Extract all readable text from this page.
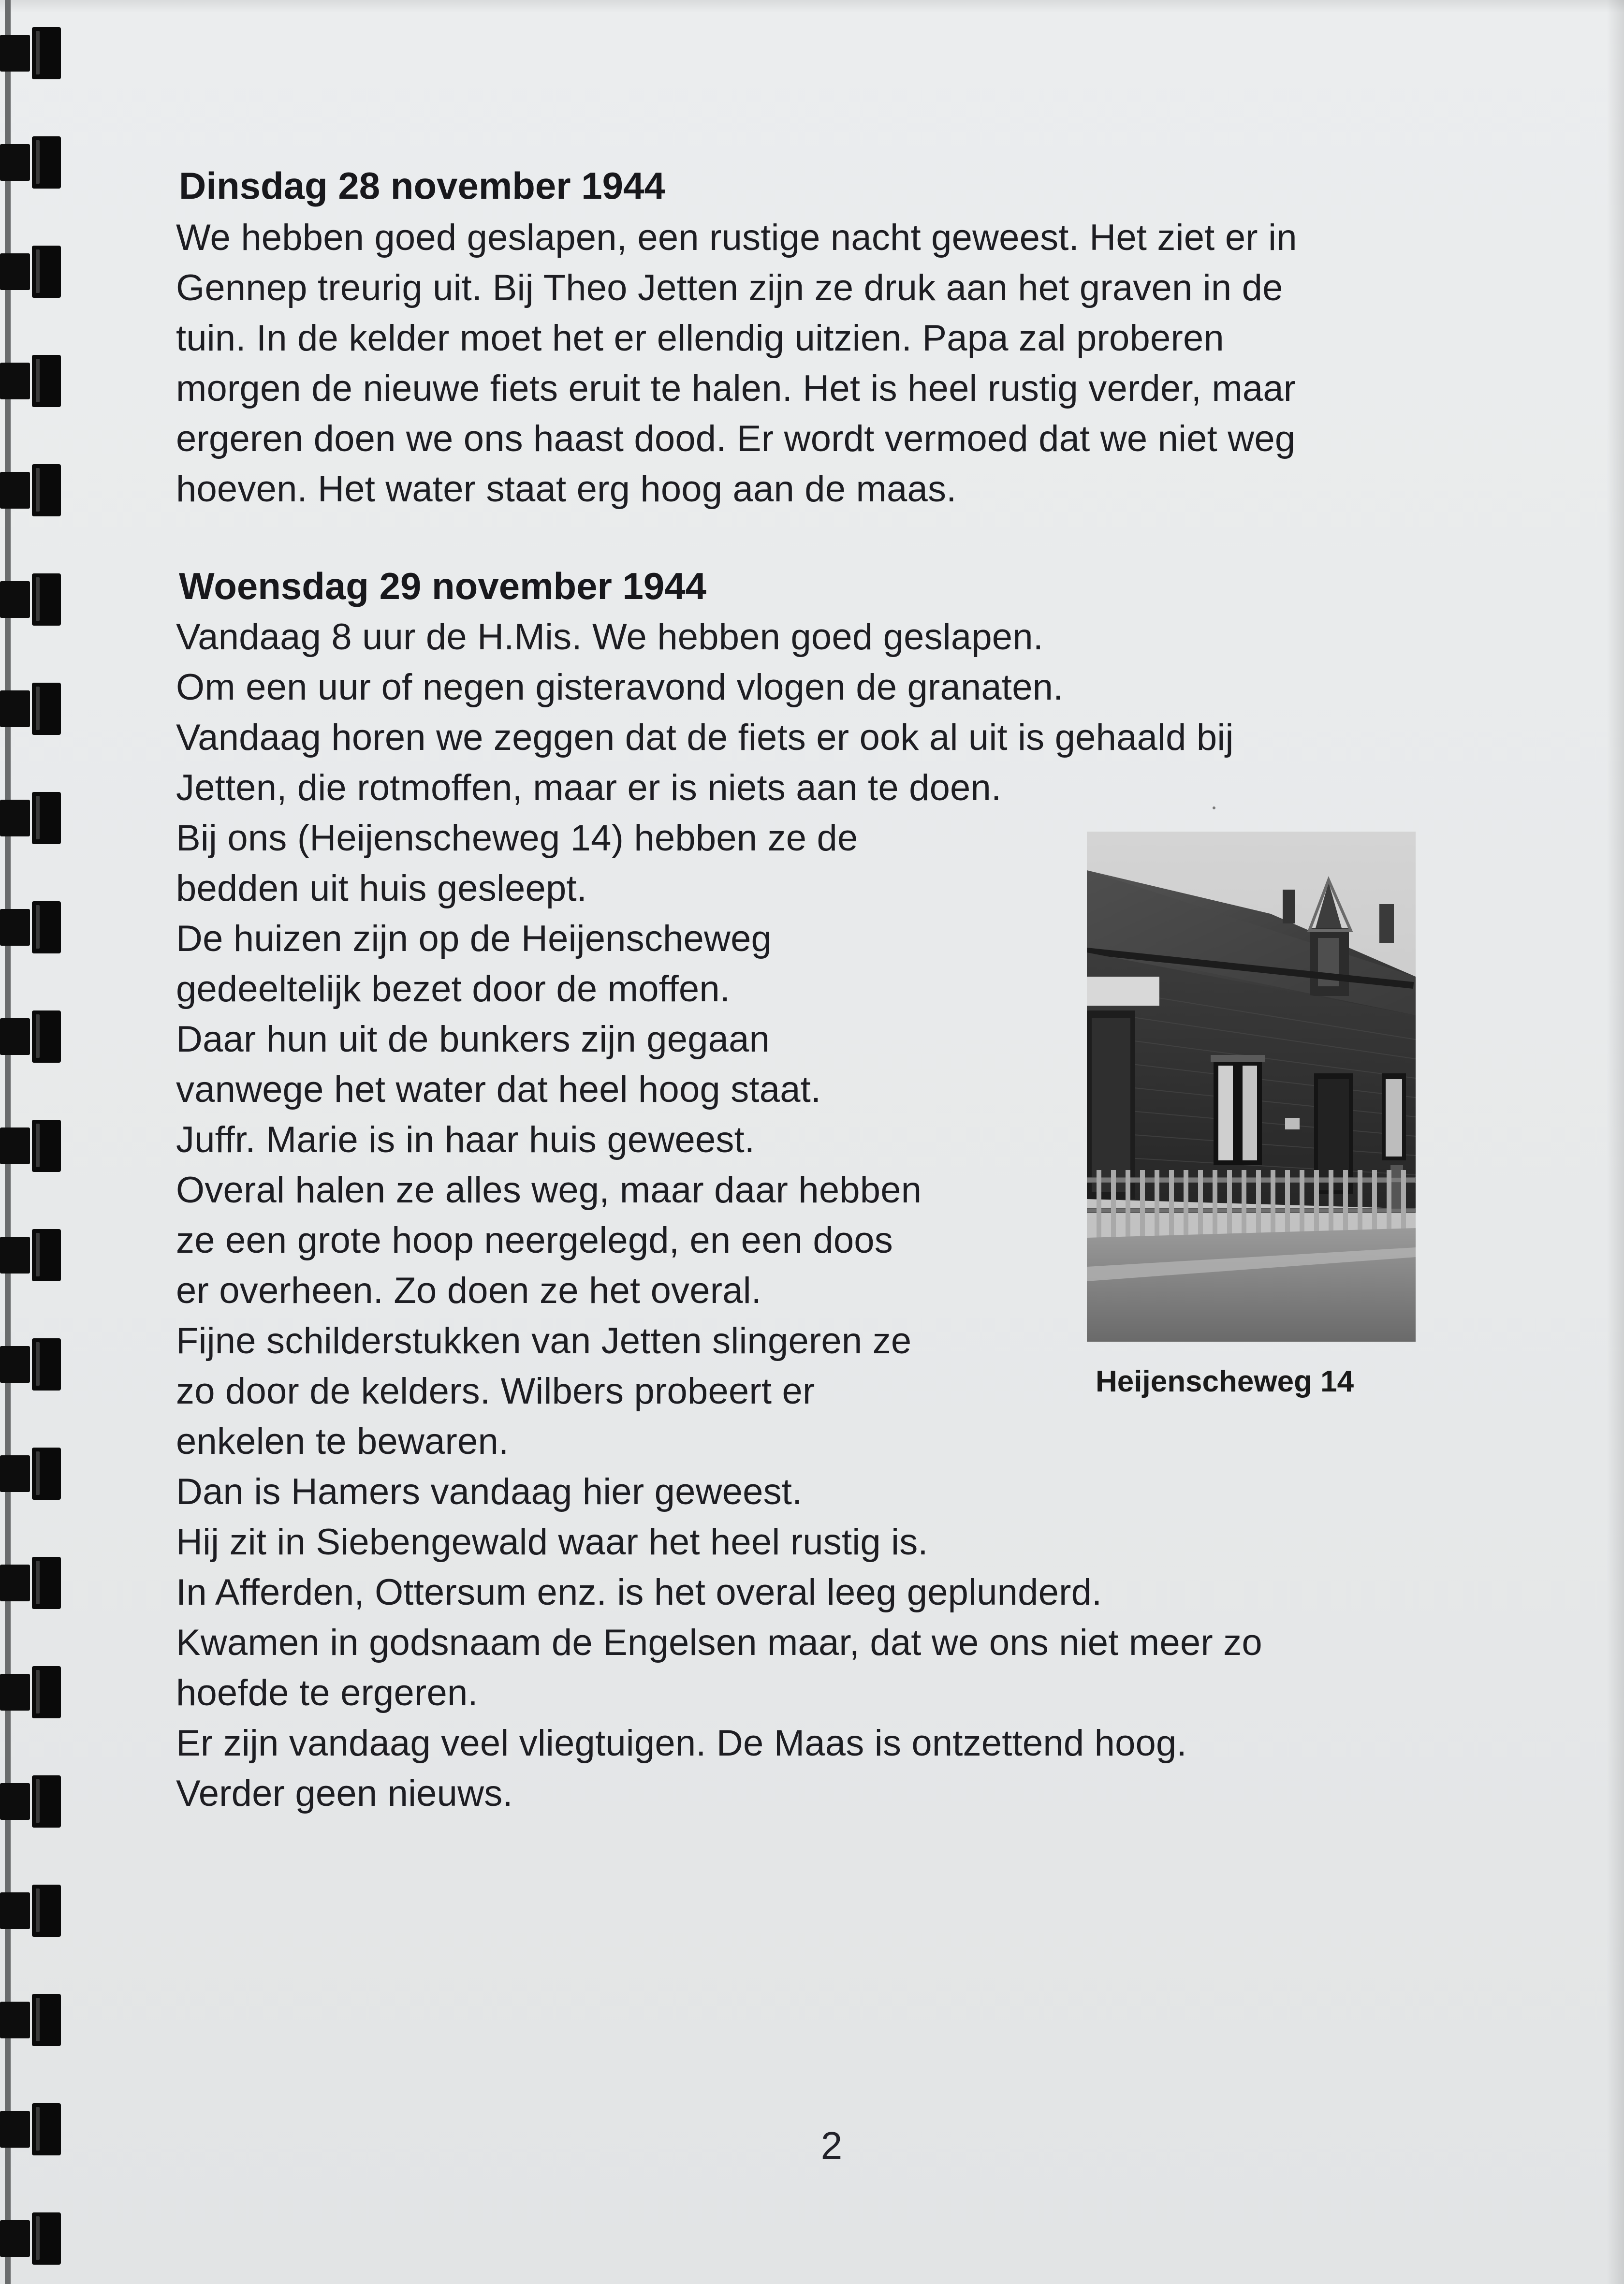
Dinsdag 28 november 1944

We hebben goed geslapen, een rustige nacht geweest. Het ziet er in

Gennep treurig uit. Bij Theo Jetten zijn ze druk aan het graven in de

tuin. In de kelder moet het er ellendig uitzien. Papa zal proberen

morgen de nieuwe fiets eruit te halen. Het is heel rustig verder, maar

ergeren doen we ons haast dood. Er wordt vermoed dat we niet weg

hoeven. Het water staat erg hoog aan de maas.

Woensdag 29 november 1944

Vandaag 8 uur de H.Mis. We hebben goed geslapen.

Om een uur of negen gisteravond vlogen de granaten.

Vandaag horen we zeggen dat de fiets er ook al uit is gehaald bij

Jetten, die rotmoffen, maar er is niets aan te doen.

Bij ons (Heijenscheweg 14) hebben ze de

bedden uit huis gesleept.

De huizen zijn op de Heijenscheweg

gedeeltelijk bezet door de moffen.

Daar hun uit de bunkers zijn gegaan

vanwege het water dat heel hoog staat.

Juffr. Marie is in haar huis geweest.

Overal halen ze alles weg, maar daar hebben

ze een grote hoop neergelegd, en een doos

er overheen. Zo doen ze het overal.

Fijne schilderstukken van Jetten slingeren ze

zo door de kelders. Wilbers probeert er

enkelen te bewaren.

Dan is Hamers vandaag hier geweest.

Hij zit in Siebengewald waar het heel rustig is.

In Afferden, Ottersum enz. is het overal leeg geplunderd.

Kwamen in godsnaam de Engelsen maar, dat we ons niet meer zo

hoefde te ergeren.

Er zijn vandaag veel vliegtuigen. De Maas is ontzettend hoog.

Verder geen nieuws.

Heijenscheweg 14

2
